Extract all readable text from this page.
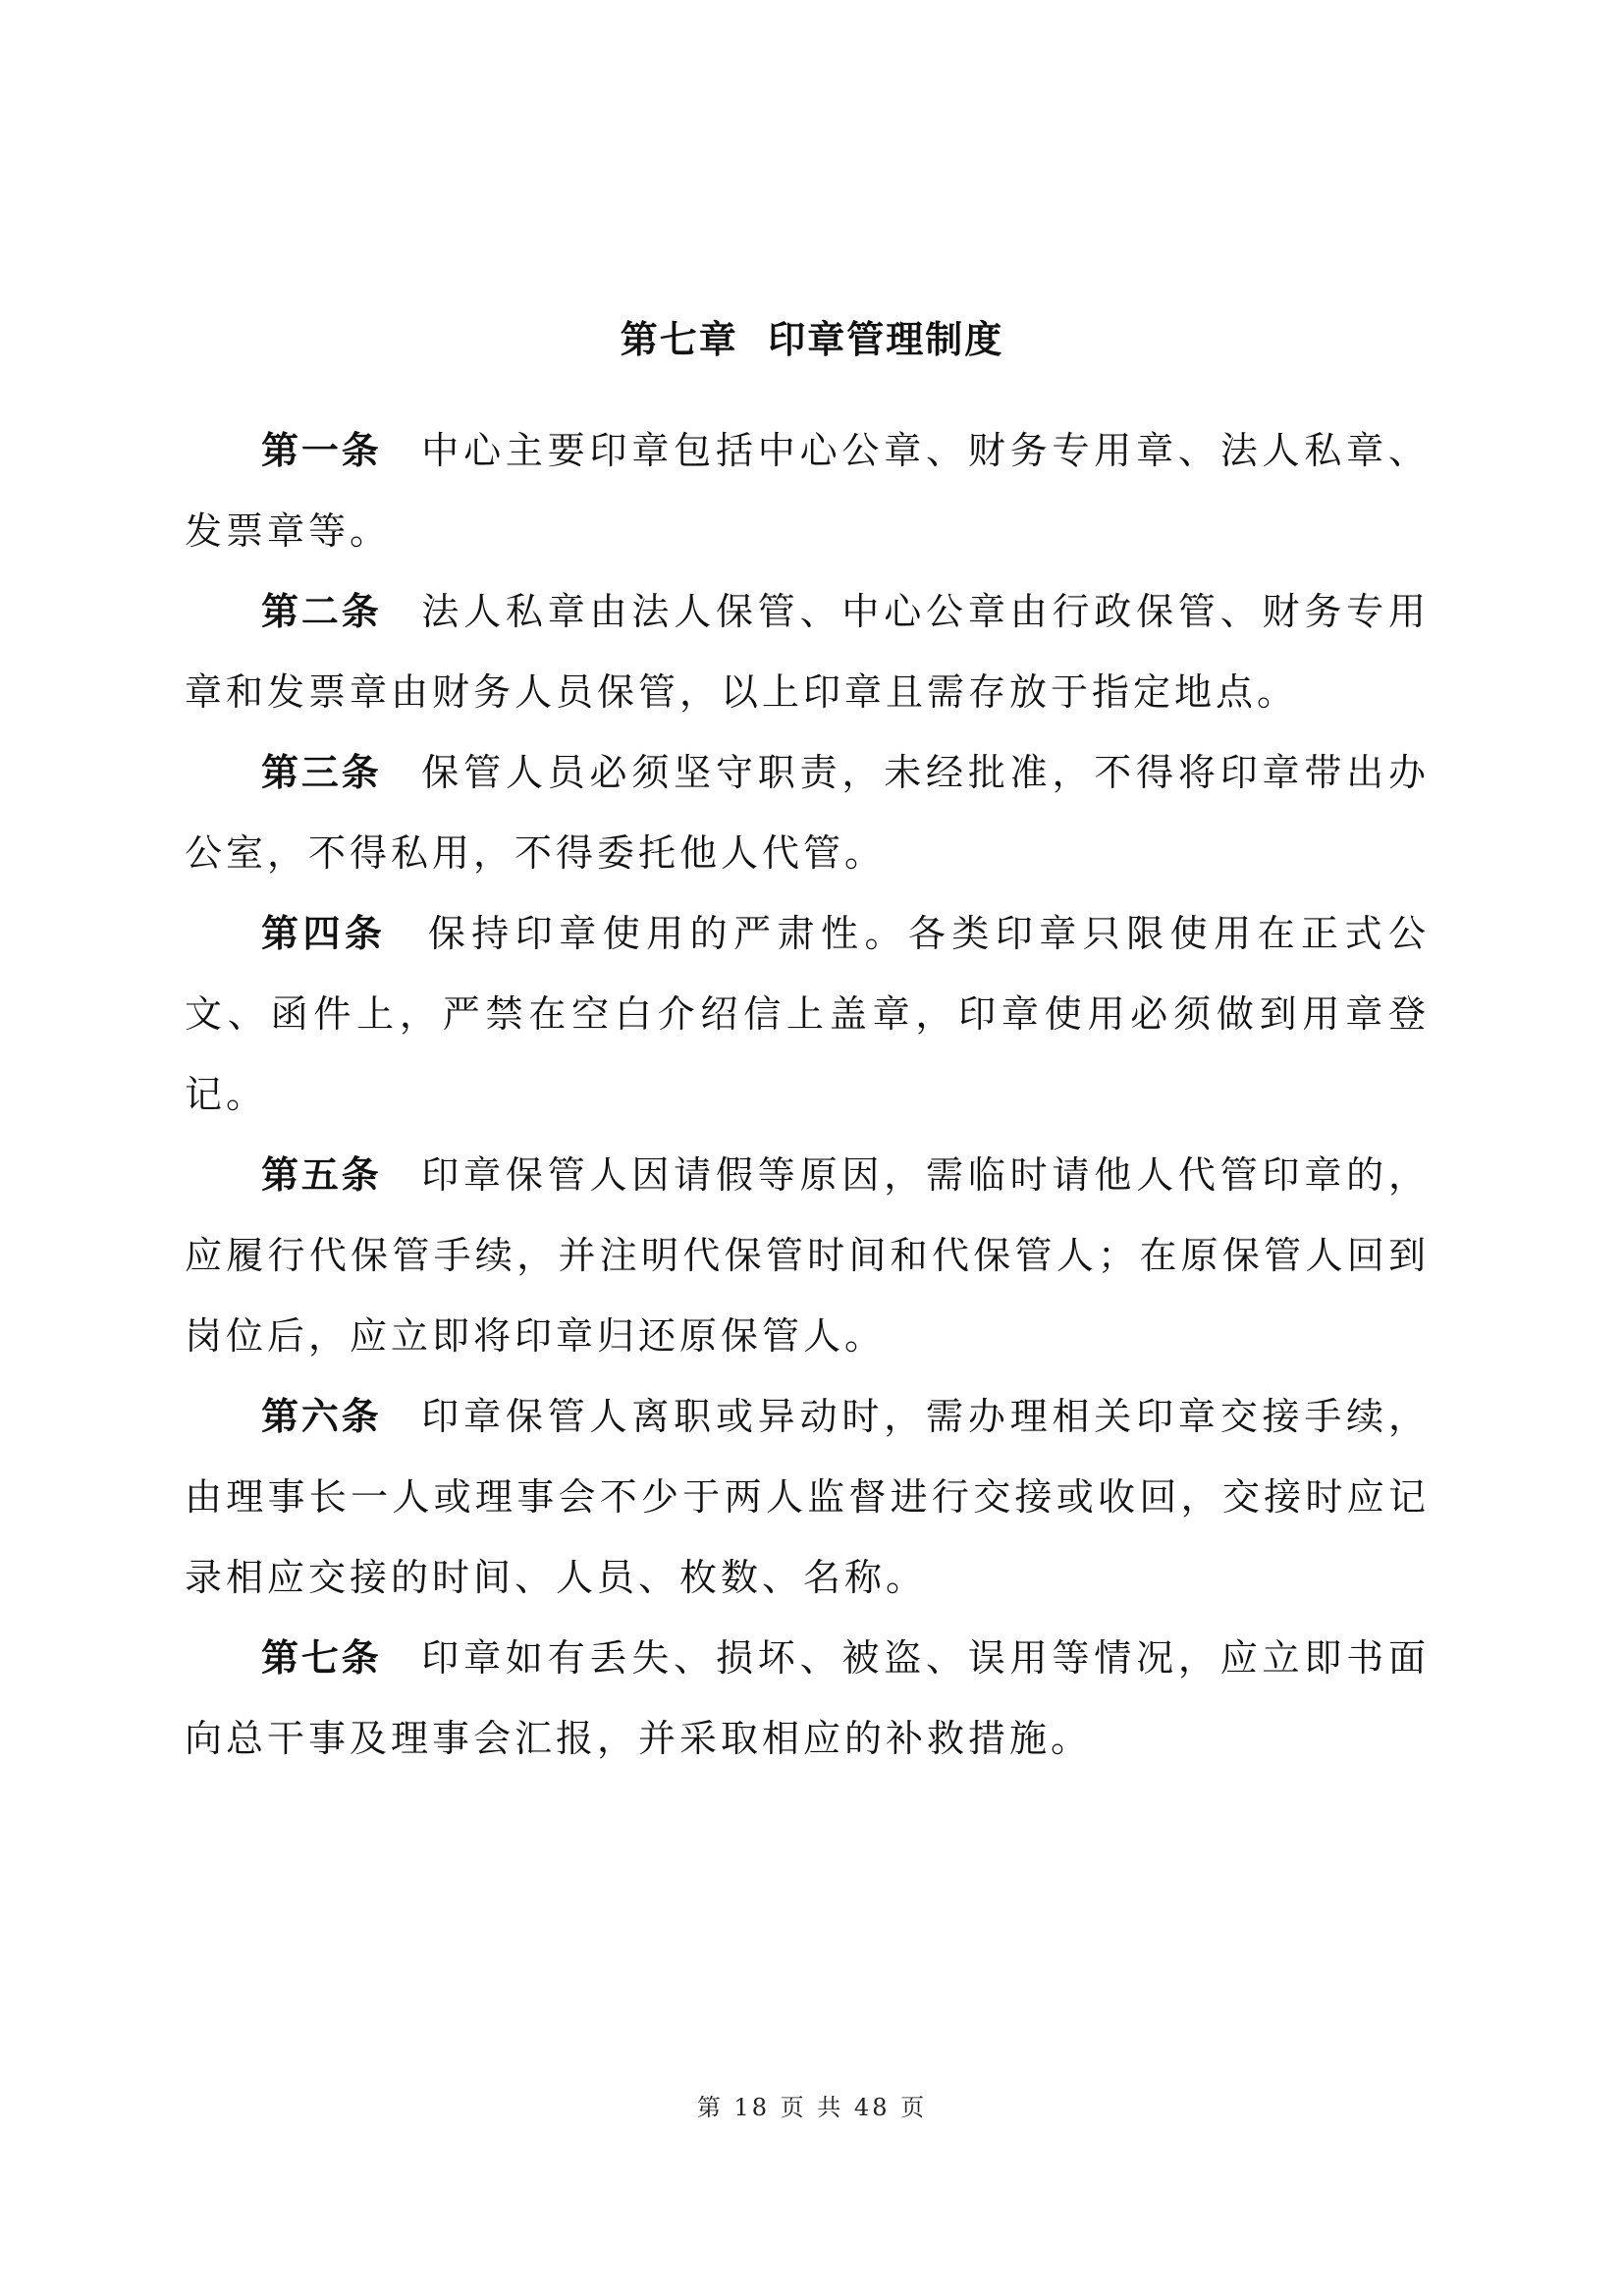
第七章  印章管理制度

第一条 中心主要印章包括中心公章、财务专用章、法人私章、发票章等。

第二条 法人私章由法人保管、中心公章由行政保管、财务专用章和发票章由财务人员保管，以上印章且需存放于指定地点。

第三条 保管人员必须坚守职责，未经批准，不得将印章带出办公室，不得私用，不得委托他人代管。

第四条 保持印章使用的严肃性。各类印章只限使用在正式公文、函件上，严禁在空白介绍信上盖章，印章使用必须做到用章登记。

第五条 印章保管人因请假等原因，需临时请他人代管印章的，应履行代保管手续，并注明代保管时间和代保管人；在原保管人回到岗位后，应立即将印章归还原保管人。

第六条 印章保管人离职或异动时，需办理相关印章交接手续，由理事长一人或理事会不少于两人监督进行交接或收回，交接时应记录相应交接的时间、人员、枚数、名称。

第七条 印章如有丢失、损坏、被盗、误用等情况，应立即书面向总干事及理事会汇报，并采取相应的补救措施。

第 18 页 共 48 页
